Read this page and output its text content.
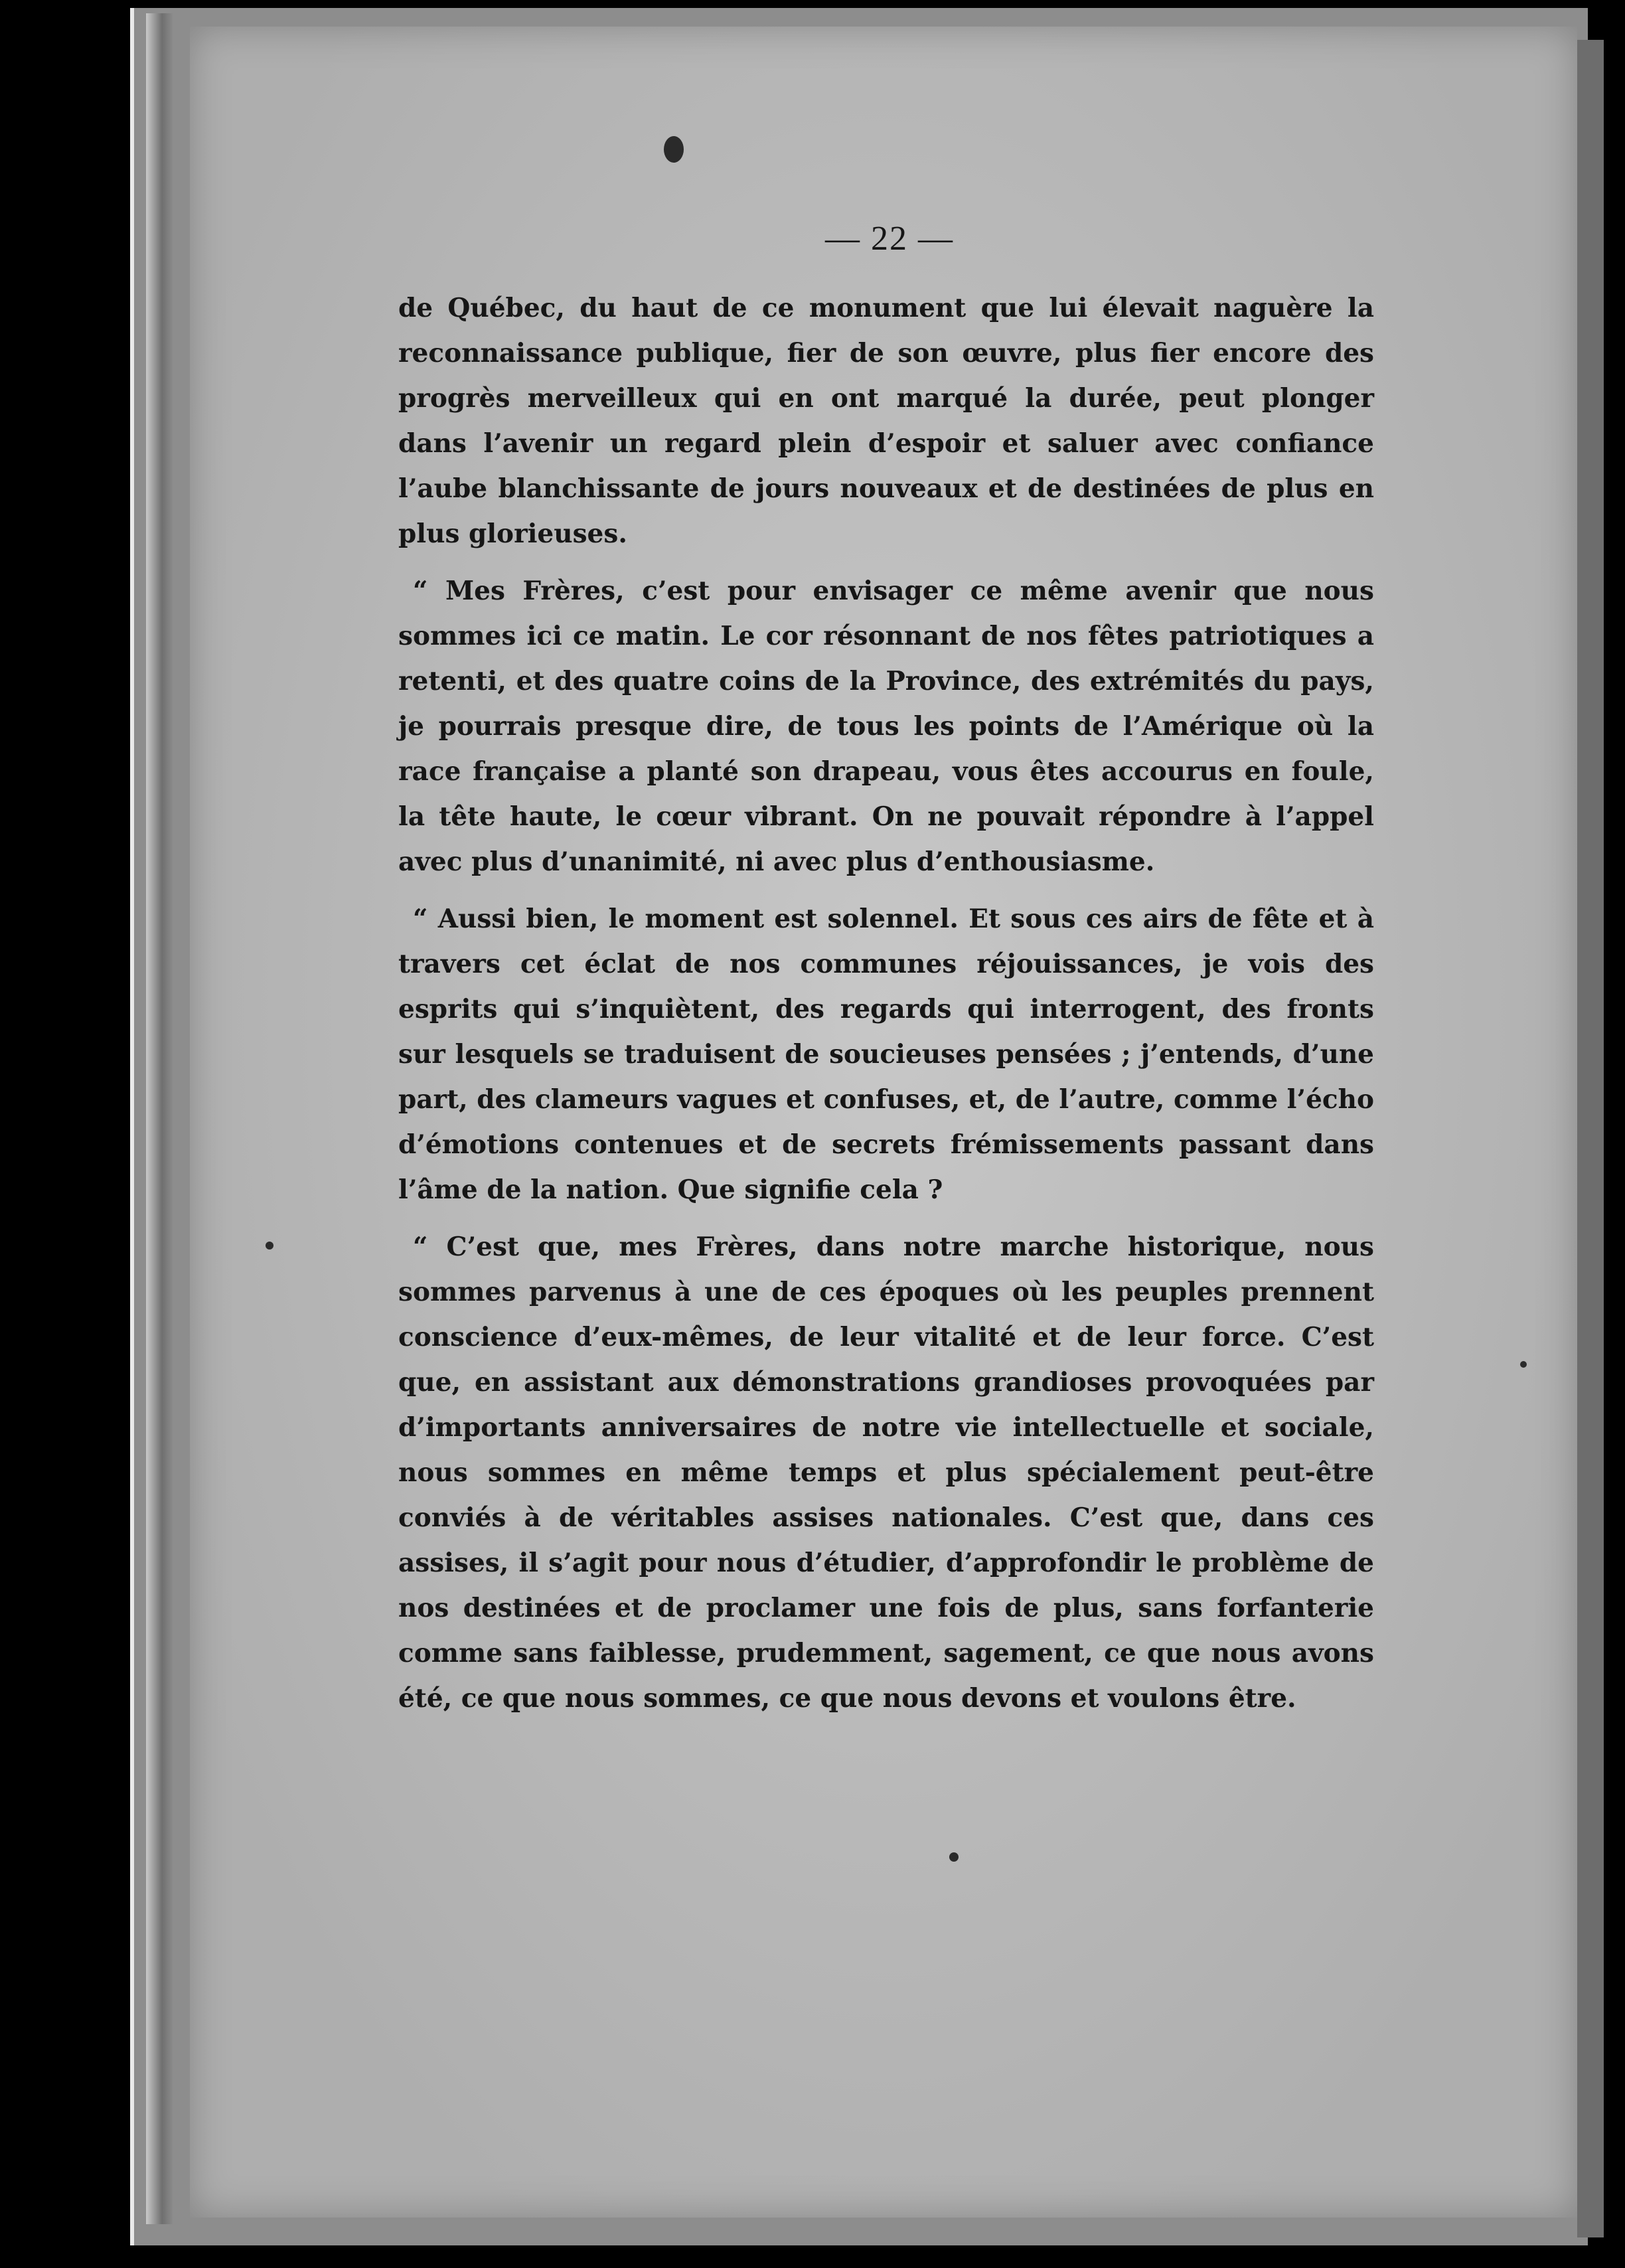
— 22 —

de Québec, du haut de ce monument que lui élevait naguère la reconnaissance publique, fier de son œuvre, plus fier encore des progrès merveilleux qui en ont marqué la durée, peut plonger dans l’avenir un regard plein d’espoir et saluer avec confiance l’aube blanchissante de jours nouveaux et de destinées de plus en plus glorieuses.

“ Mes Frères, c’est pour envisager ce même avenir que nous sommes ici ce matin. Le cor résonnant de nos fêtes patriotiques a retenti, et des quatre coins de la Province, des extrémités du pays, je pourrais presque dire, de tous les points de l’Amérique où la race française a planté son drapeau, vous êtes accourus en foule, la tête haute, le cœur vibrant. On ne pouvait répondre à l’appel avec plus d’unanimité, ni avec plus d’enthousiasme.

“ Aussi bien, le moment est solennel. Et sous ces airs de fête et à travers cet éclat de nos communes réjouissances, je vois des esprits qui s’inquiètent, des regards qui interrogent, des fronts sur lesquels se traduisent de soucieuses pensées ; j’entends, d’une part, des clameurs vagues et confuses, et, de l’autre, comme l’écho d’émotions contenues et de secrets frémissements passant dans l’âme de la nation. Que signifie cela ?

“ C’est que, mes Frères, dans notre marche historique, nous sommes parvenus à une de ces époques où les peuples prennent conscience d’eux-mêmes, de leur vitalité et de leur force. C’est que, en assistant aux démonstrations grandioses provoquées par d’importants anniversaires de notre vie intellectuelle et sociale, nous sommes en même temps et plus spécialement peut-être conviés à de véritables assises nationales. C’est que, dans ces assises, il s’agit pour nous d’étudier, d’approfondir le problème de nos destinées et de proclamer une fois de plus, sans forfanterie comme sans faiblesse, prudemment, sagement, ce que nous avons été, ce que nous sommes, ce que nous devons et voulons être.
